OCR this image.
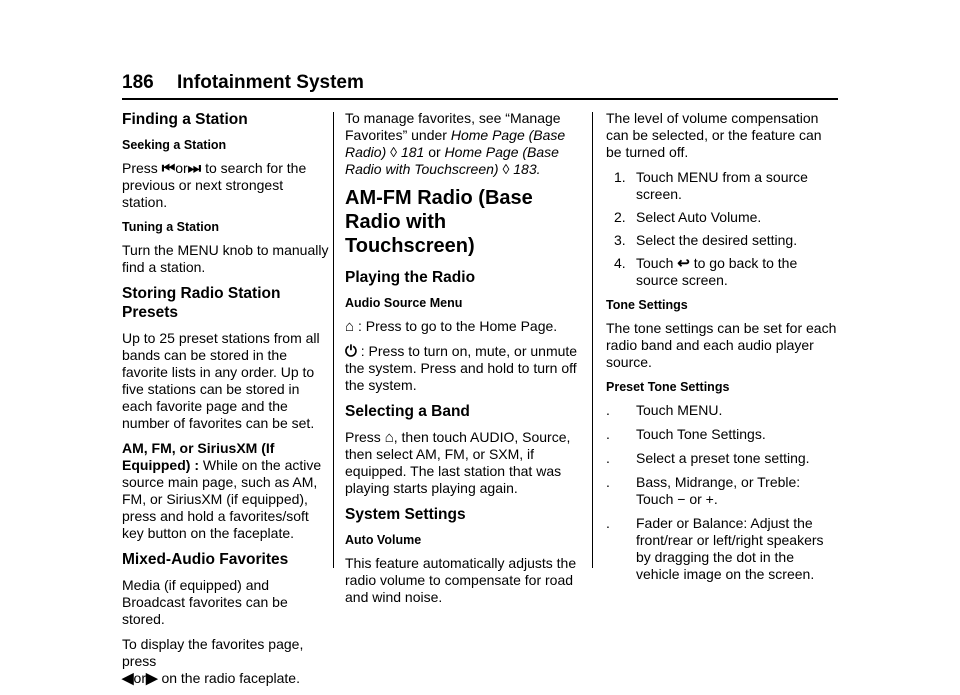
186 Infotainment System
Finding a Station
Seeking a Station

Press ⏮or⏭ to search for the previous or next strongest station.

Tuning a Station

Turn the MENU knob to manually find a station.

Storing Radio Station Presets

Up to 25 preset stations from all bands can be stored in the favorite lists in any order. Up to five stations can be stored in each favorite page and the number of favorites can be set.

AM, FM, or SiriusXM (If Equipped) : While on the active source main page, such as AM, FM, or SiriusXM (if equipped), press and hold a favorites/soft key button on the faceplate.

Mixed-Audio Favorites

Media (if equipped) and Broadcast favorites can be stored.

To display the favorites page, press
◀or▶ on the radio faceplate.

To manage favorites, see “Manage Favorites” under Home Page (Base Radio) ◊ 181 or Home Page (Base Radio with Touchscreen) ◊ 183.

AM-FM Radio (Base Radio with Touchscreen)
Playing the Radio
Audio Source Menu

⌂ : Press to go to the Home Page.

⏻ : Press to turn on, mute, or unmute the system. Press and hold to turn off the system.

Selecting a Band

Press ⌂, then touch AUDIO, Source, then select AM, FM, or SXM, if equipped. The last station that was playing starts playing again.

System Settings
Auto Volume

This feature automatically adjusts the radio volume to compensate for road and wind noise.

The level of volume compensation can be selected, or the feature can be turned off.

1. Touch MENU from a source screen.
2. Select Auto Volume.
3. Select the desired setting.
4. Touch ↩ to go back to the source screen.
Tone Settings

The tone settings can be set for each radio band and each audio player source.

Preset Tone Settings
. Touch MENU.
. Touch Tone Settings.
. Select a preset tone setting.
. Bass, Midrange, or Treble: Touch − or +.
. Fader or Balance: Adjust the front/rear or left/right speakers by dragging the dot in the vehicle image on the screen.
